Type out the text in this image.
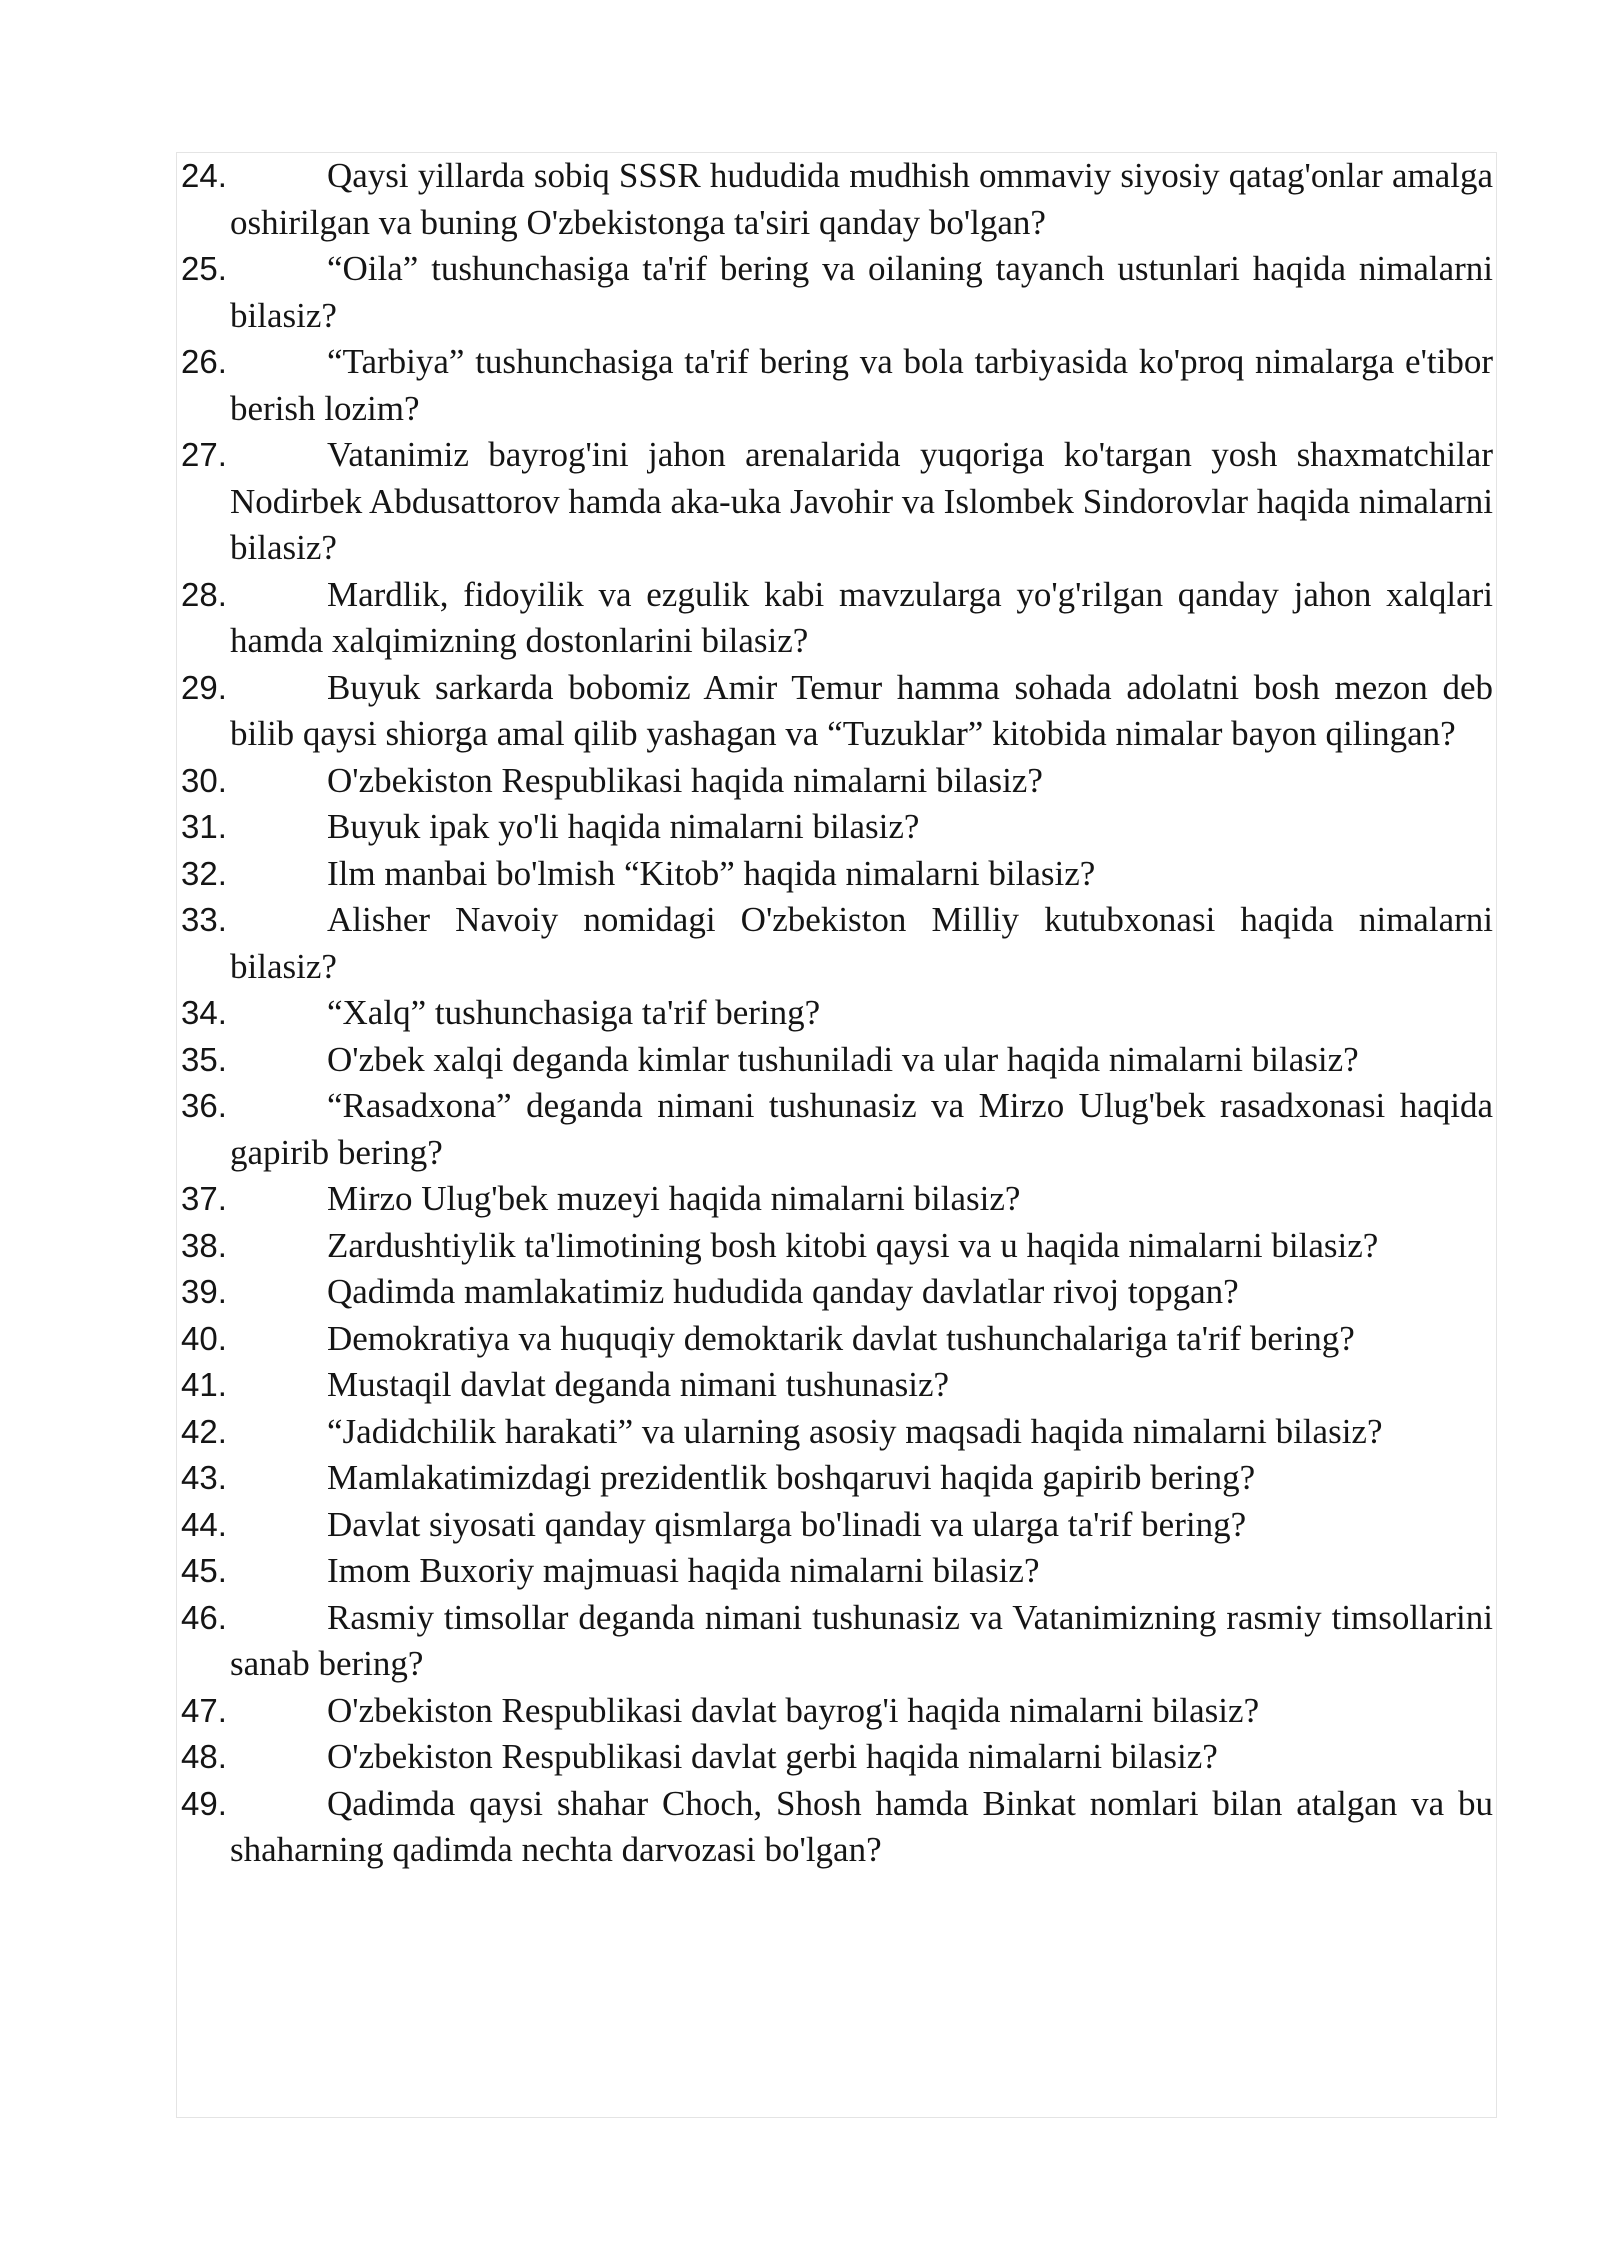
24.	Qaysi yillarda sobiq SSSR hududida mudhish ommaviy siyosiy qatag'onlar amalga oshirilgan va buning O'zbekistonga ta'siri qanday bo'lgan?
25.	“Oila” tushunchasiga ta'rif bering va oilaning tayanch ustunlari haqida nimalarni bilasiz?
26.	“Tarbiya” tushunchasiga ta'rif bering va bola tarbiyasida ko'proq nimalarga e'tibor berish lozim?
27.	Vatanimiz bayrog'ini jahon arenalarida yuqoriga ko'targan yosh shaxmatchilar Nodirbek Abdusattorov hamda aka-uka Javohir va Islombek Sindorovlar haqida nimalarni bilasiz?
28.	Mardlik, fidoyilik va ezgulik kabi mavzularga yo'g'rilgan qanday jahon xalqlari hamda xalqimizning dostonlarini bilasiz?
29.	Buyuk sarkarda bobomiz Amir Temur hamma sohada adolatni bosh mezon deb bilib qaysi shiorga amal qilib yashagan va “Tuzuklar” kitobida nimalar bayon qilingan?
30.	O'zbekiston Respublikasi haqida nimalarni bilasiz?
31.	Buyuk ipak yo'li haqida nimalarni bilasiz?
32.	Ilm manbai bo'lmish “Kitob” haqida nimalarni bilasiz?
33.	Alisher Navoiy nomidagi O'zbekiston Milliy kutubxonasi haqida nimalarni bilasiz?
34.	“Xalq” tushunchasiga ta'rif bering?
35.	O'zbek xalqi deganda kimlar tushuniladi va ular haqida nimalarni bilasiz?
36.	“Rasadxona” deganda nimani tushunasiz va Mirzo Ulug'bek rasadxonasi haqida gapirib bering?
37.	Mirzo Ulug'bek muzeyi haqida nimalarni bilasiz?
38.	Zardushtiylik ta'limotining bosh kitobi qaysi va u haqida nimalarni bilasiz?
39.	Qadimda mamlakatimiz hududida qanday davlatlar rivoj topgan?
40.	Demokratiya va huquqiy demoktarik davlat tushunchalariga ta'rif bering?
41.	Mustaqil davlat deganda nimani tushunasiz?
42.	“Jadidchilik harakati” va ularning asosiy maqsadi haqida nimalarni bilasiz?
43.	Mamlakatimizdagi prezidentlik boshqaruvi haqida gapirib bering?
44.	Davlat siyosati qanday qismlarga bo'linadi va ularga ta'rif bering?
45.	Imom Buxoriy majmuasi haqida nimalarni bilasiz?
46.	Rasmiy timsollar deganda nimani tushunasiz va Vatanimizning rasmiy timsollarini sanab bering?
47.	O'zbekiston Respublikasi davlat bayrog'i haqida nimalarni bilasiz?
48.	O'zbekiston Respublikasi davlat gerbi haqida nimalarni bilasiz?
49.	Qadimda qaysi shahar Choch, Shosh hamda Binkat nomlari bilan atalgan va bu shaharning qadimda nechta darvozasi bo'lgan?
